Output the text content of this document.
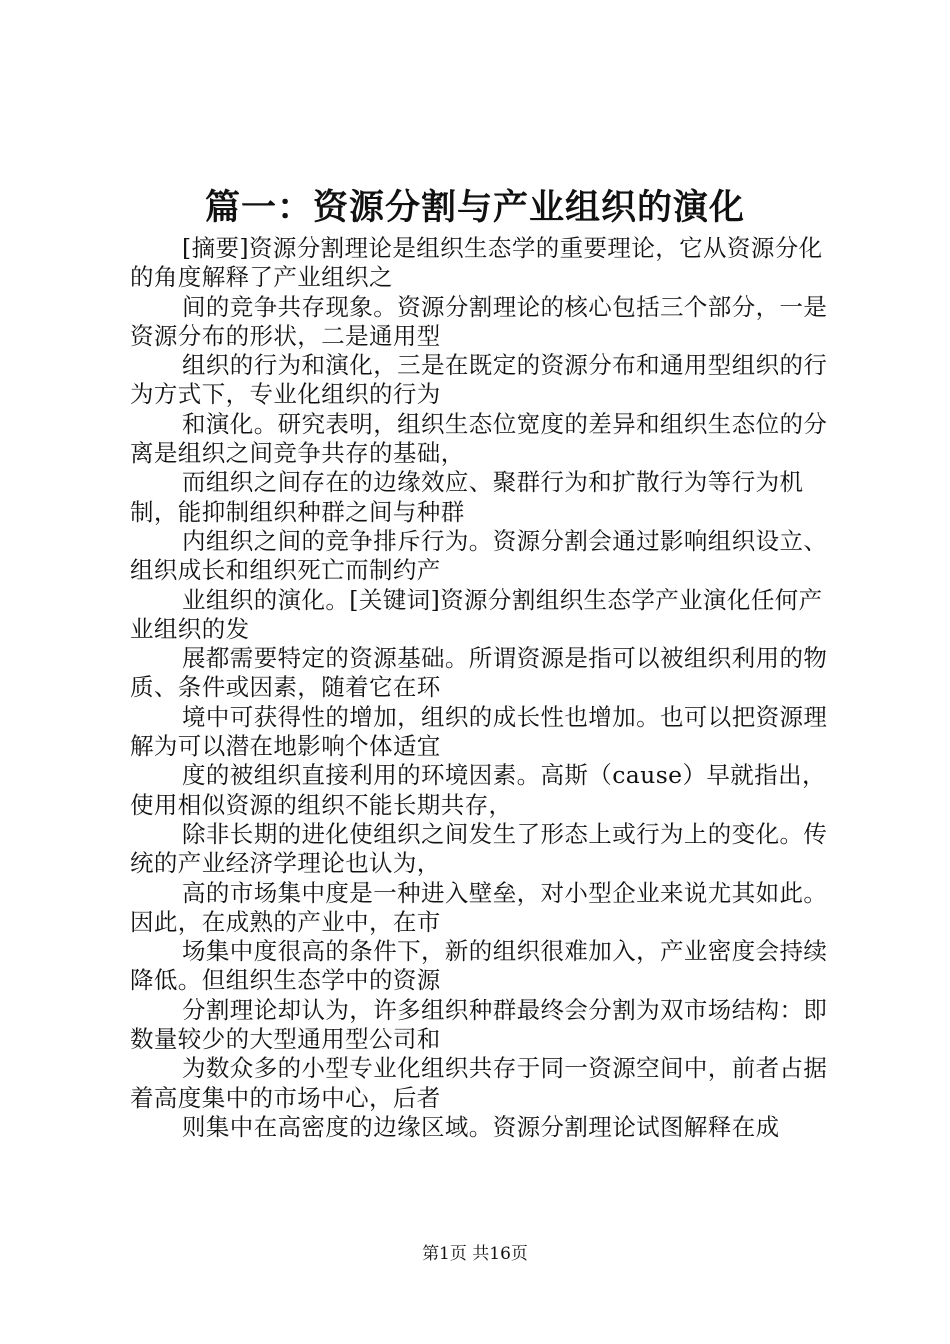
篇一：资源分割与产业组织的演化

[摘要]资源分割理论是组织生态学的重要理论，它从资源分化的角度解释了产业组织之

间的竞争共存现象。资源分割理论的核心包括三个部分，一是资源分布的形状，二是通用型

组织的行为和演化，三是在既定的资源分布和通用型组织的行为方式下，专业化组织的行为

和演化。研究表明，组织生态位宽度的差异和组织生态位的分离是组织之间竞争共存的基础，

而组织之间存在的边缘效应、聚群行为和扩散行为等行为机制，能抑制组织种群之间与种群

内组织之间的竞争排斥行为。资源分割会通过影响组织设立、组织成长和组织死亡而制约产

业组织的演化。[关键词]资源分割组织生态学产业演化任何产业组织的发

展都需要特定的资源基础。所谓资源是指可以被组织利用的物质、条件或因素，随着它在环

境中可获得性的增加，组织的成长性也增加。也可以把资源理解为可以潜在地影响个体适宜

度的被组织直接利用的环境因素。高斯（cause）早就指出，使用相似资源的组织不能长期共存，

除非长期的进化使组织之间发生了形态上或行为上的变化。传统的产业经济学理论也认为，

高的市场集中度是一种进入壁垒，对小型企业来说尤其如此。因此，在成熟的产业中，在市

场集中度很高的条件下，新的组织很难加入，产业密度会持续降低。但组织生态学中的资源

分割理论却认为，许多组织种群最终会分割为双市场结构：即数量较少的大型通用型公司和

为数众多的小型专业化组织共存于同一资源空间中，前者占据着高度集中的市场中心，后者

则集中在高密度的边缘区域。资源分割理论试图解释在成

第1页 共16页
